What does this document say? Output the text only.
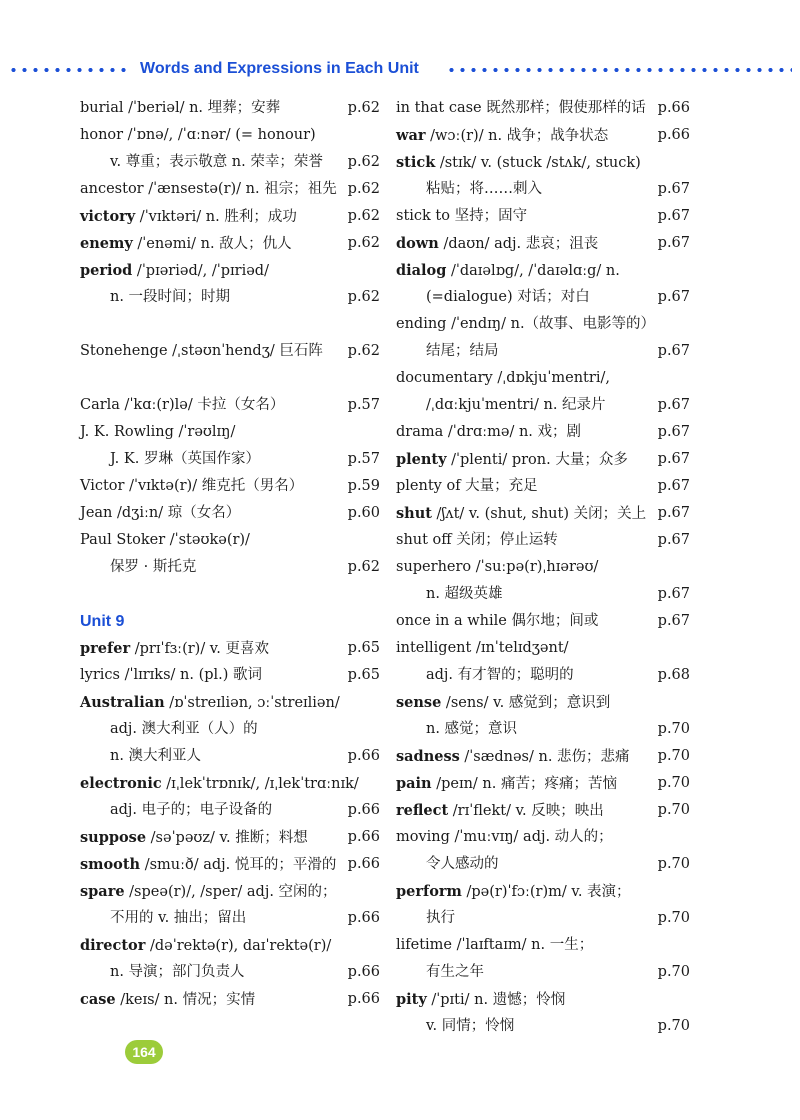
Words and Expressions in Each Unit
burial /ˈberiəl/ n. 埋葬；安葬	p.62
honor /ˈɒnə/, /ˈɑːnər/ (= honour)
v. 尊重；表示敬意 n. 荣幸；荣誉 p.62
ancestor /ˈænsestə(r)/ n. 祖宗；祖先 p.62
victory /ˈvɪktəri/ n. 胜利；成功	p.62
enemy /ˈenəmi/ n. 敌人；仇人	p.62
period /ˈpɪəriəd/, /ˈpɪriəd/
n. 一段时间；时期	p.62
Stonehenge /ˌstəʊnˈhendʒ/ 巨石阵 p.62
Carla /ˈkɑː(r)lə/ 卡拉（女名）	p.57
J. K. Rowling /ˈrəʊlɪŋ/
J. K. 罗琳（英国作家）	p.57
Victor /ˈvɪktə(r)/ 维克托（男名）	p.59
Jean /dʒiːn/ 琼（女名）	p.60
Paul Stoker /ˈstəʊkə(r)/
保罗 · 斯托克	p.62
Unit 9
prefer /prɪˈfɜː(r)/ v. 更喜欢	p.65
lyrics /ˈlɪrɪks/ n. (pl.) 歌词	p.65
Australian /ɒˈstreɪliən, ɔːˈstreɪliən/
adj. 澳大利亚（人）的
n. 澳大利亚人	p.66
electronic /ɪˌlekˈtrɒnɪk/, /ɪˌlekˈtrɑːnɪk/
adj. 电子的；电子设备的	p.66
suppose /səˈpəʊz/ v. 推断；料想	p.66
smooth /smuːð/ adj. 悦耳的；平滑的 p.66
spare /speə(r)/, /sper/ adj. 空闲的；
不用的 v. 抽出；留出	p.66
director /dəˈrektə(r), daɪˈrektə(r)/
n. 导演；部门负责人	p.66
case /keɪs/ n. 情况；实情	p.66
in that case 既然那样；假使那样的话 p.66
war /wɔː(r)/ n. 战争；战争状态	p.66
stick /stɪk/ v. (stuck /stʌk/, stuck)
粘贴；将……刺入	p.67
stick to 坚持；固守	p.67
down /daʊn/ adj. 悲哀；沮丧	p.67
dialog /ˈdaɪəlɒg/, /ˈdaɪəlɑːg/ n.
(=dialogue) 对话；对白	p.67
ending /ˈendɪŋ/ n.（故事、电影等的）
结尾；结局	p.67
documentary /ˌdɒkjuˈmentri/,
/ˌdɑːkjuˈmentri/ n. 纪录片	p.67
drama /ˈdrɑːmə/ n. 戏；剧	p.67
plenty /ˈplenti/ pron. 大量；众多 p.67
plenty of 大量；充足	p.67
shut /ʃʌt/ v. (shut, shut) 关闭；关上 p.67
shut off 关闭；停止运转	p.67
superhero /ˈsuːpə(r)ˌhɪərəʊ/
n. 超级英雄	p.67
once in a while 偶尔地；间或	p.67
intelligent /ɪnˈtelɪdʒənt/
adj. 有才智的；聪明的	p.68
sense /sens/ v. 感觉到；意识到
n. 感觉；意识	p.70
sadness /ˈsædnəs/ n. 悲伤；悲痛 p.70
pain /peɪn/ n. 痛苦；疼痛；苦恼	p.70
reflect /rɪˈflekt/ v. 反映；映出	p.70
moving /ˈmuːvɪŋ/ adj. 动人的；
令人感动的	p.70
perform /pə(r)ˈfɔː(r)m/ v. 表演；
执行	p.70
lifetime /ˈlaɪftaɪm/ n. 一生；
有生之年	p.70
pity /ˈpɪti/ n. 遗憾；怜悯
v. 同情；怜悯	p.70
164
